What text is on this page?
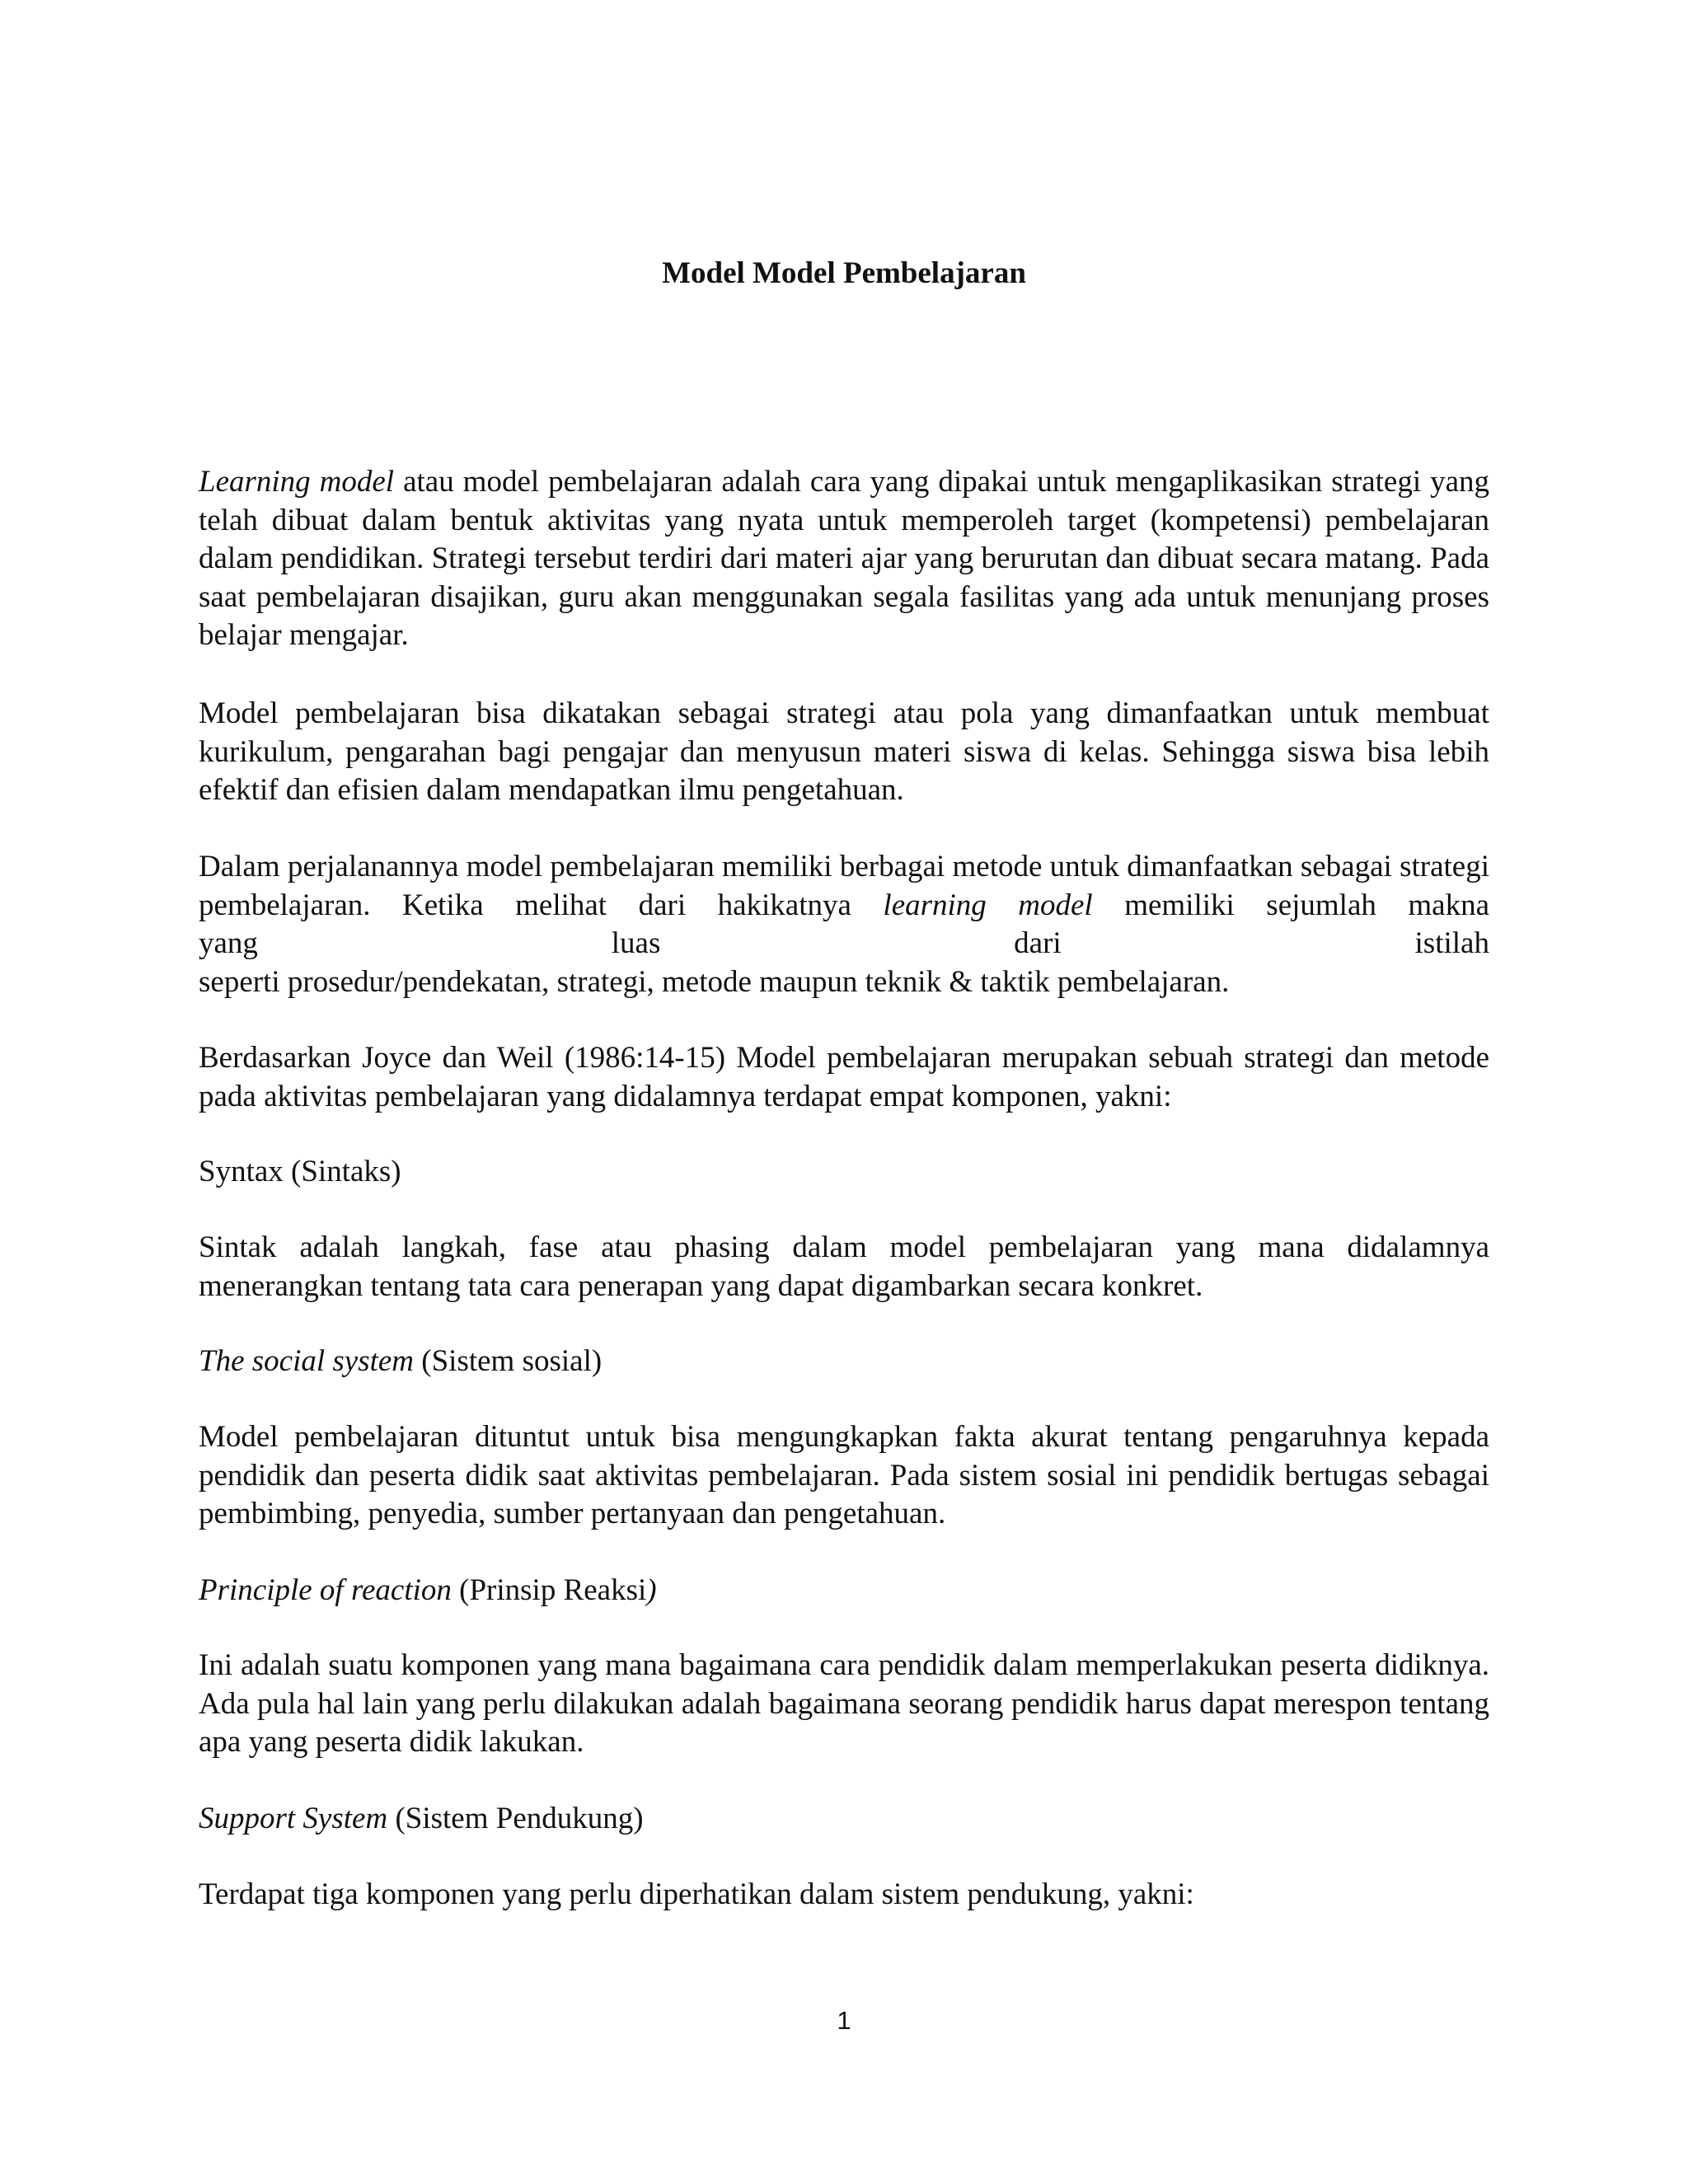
Model Model Pembelajaran

Learning model atau model pembelajaran adalah cara yang dipakai untuk mengaplikasikan strategi yang telah dibuat dalam bentuk aktivitas yang nyata untuk memperoleh target (kompetensi) pembelajaran dalam pendidikan. Strategi tersebut terdiri dari materi ajar yang berurutan dan dibuat secara matang. Pada saat pembelajaran disajikan, guru akan menggunakan segala fasilitas yang ada untuk menunjang proses belajar mengajar.

Model pembelajaran bisa dikatakan sebagai strategi atau pola yang dimanfaatkan untuk membuat kurikulum, pengarahan bagi pengajar dan menyusun materi siswa di kelas. Sehingga siswa bisa lebih efektif dan efisien dalam mendapatkan ilmu pengetahuan.

Dalam perjalanannya model pembelajaran memiliki berbagai metode untuk dimanfaatkan sebagai strategi pembelajaran. Ketika melihat dari hakikatnya learning model memiliki sejumlah makna
yang	luas	dari	istilah
seperti prosedur/pendekatan, strategi, metode maupun teknik & taktik pembelajaran.

Berdasarkan Joyce dan Weil (1986:14-15) Model pembelajaran merupakan sebuah strategi dan metode pada aktivitas pembelajaran yang didalamnya terdapat empat komponen, yakni:

Syntax (Sintaks)

Sintak adalah langkah, fase atau phasing dalam model pembelajaran yang mana didalamnya menerangkan tentang tata cara penerapan yang dapat digambarkan secara konkret.

The social system (Sistem sosial)

Model pembelajaran dituntut untuk bisa mengungkapkan fakta akurat tentang pengaruhnya kepada pendidik dan peserta didik saat aktivitas pembelajaran. Pada sistem sosial ini pendidik bertugas sebagai pembimbing, penyedia, sumber pertanyaan dan pengetahuan.

Principle of reaction (Prinsip Reaksi)

Ini adalah suatu komponen yang mana bagaimana cara pendidik dalam memperlakukan peserta didiknya. Ada pula hal lain yang perlu dilakukan adalah bagaimana seorang pendidik harus dapat merespon tentang apa yang peserta didik lakukan.

Support System (Sistem Pendukung)

Terdapat tiga komponen yang perlu diperhatikan dalam sistem pendukung, yakni:

1
